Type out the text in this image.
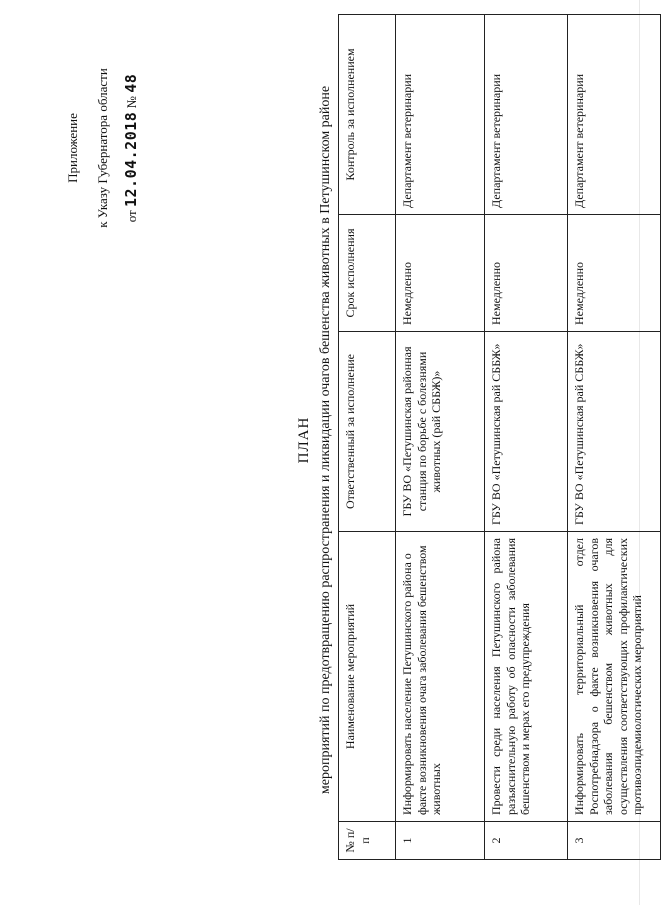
Приложение к Указу Губернатора области от 12.04.2018 № 48
ПЛАН мероприятий по предотвращению распространения и ликвидации очагов бешенства животных в Петушинском районе
№ п/п	Наименование мероприятий	Ответственный за исполнение	Срок исполнения	Контроль за исполнением
1	Информировать население Петушинского района о факте возникновения очага заболевания бешенством животных	ГБУ ВО «Петушинская районная станция по борьбе с болезнями животных (рай СББЖ)»	Немедленно	Департамент ветеринарии
2	Провести среди населения Петушинского района разъяснительную работу об опасности заболевания бешенством и мерах его предупреждения	ГБУ ВО «Петушинская рай СББЖ»	Немедленно	Департамент ветеринарии
3	Информировать территориальный отдел Роспотребнадзора о факте возникновения очагов заболевания бешенством животных для осуществления соответствующих профилактических противоэпидемиологических мероприятий	ГБУ ВО «Петушинская рай СББЖ»	Немедленно	Департамент ветеринарии
